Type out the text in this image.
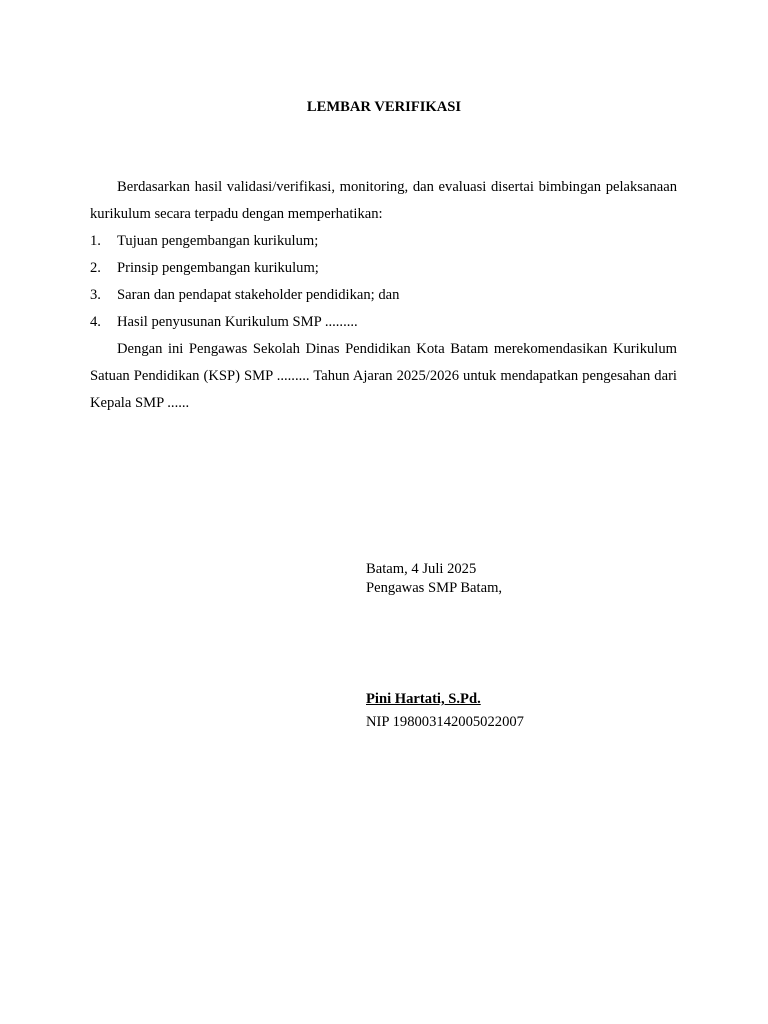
LEMBAR VERIFIKASI

Berdasarkan hasil validasi/verifikasi, monitoring, dan evaluasi disertai bimbingan pelaksanaan kurikulum secara terpadu dengan memperhatikan:

1.	Tujuan pengembangan kurikulum;
2.	Prinsip pengembangan kurikulum;
3.	Saran dan pendapat stakeholder pendidikan; dan
4.	Hasil penyusunan Kurikulum SMP .........

Dengan ini Pengawas Sekolah Dinas Pendidikan Kota Batam merekomendasikan Kurikulum Satuan Pendidikan (KSP) SMP ......... Tahun Ajaran 2025/2026 untuk mendapatkan pengesahan dari Kepala SMP ......

Batam, 4 Juli 2025
Pengawas SMP Batam,
Pini Hartati, S.Pd.
NIP 198003142005022007
